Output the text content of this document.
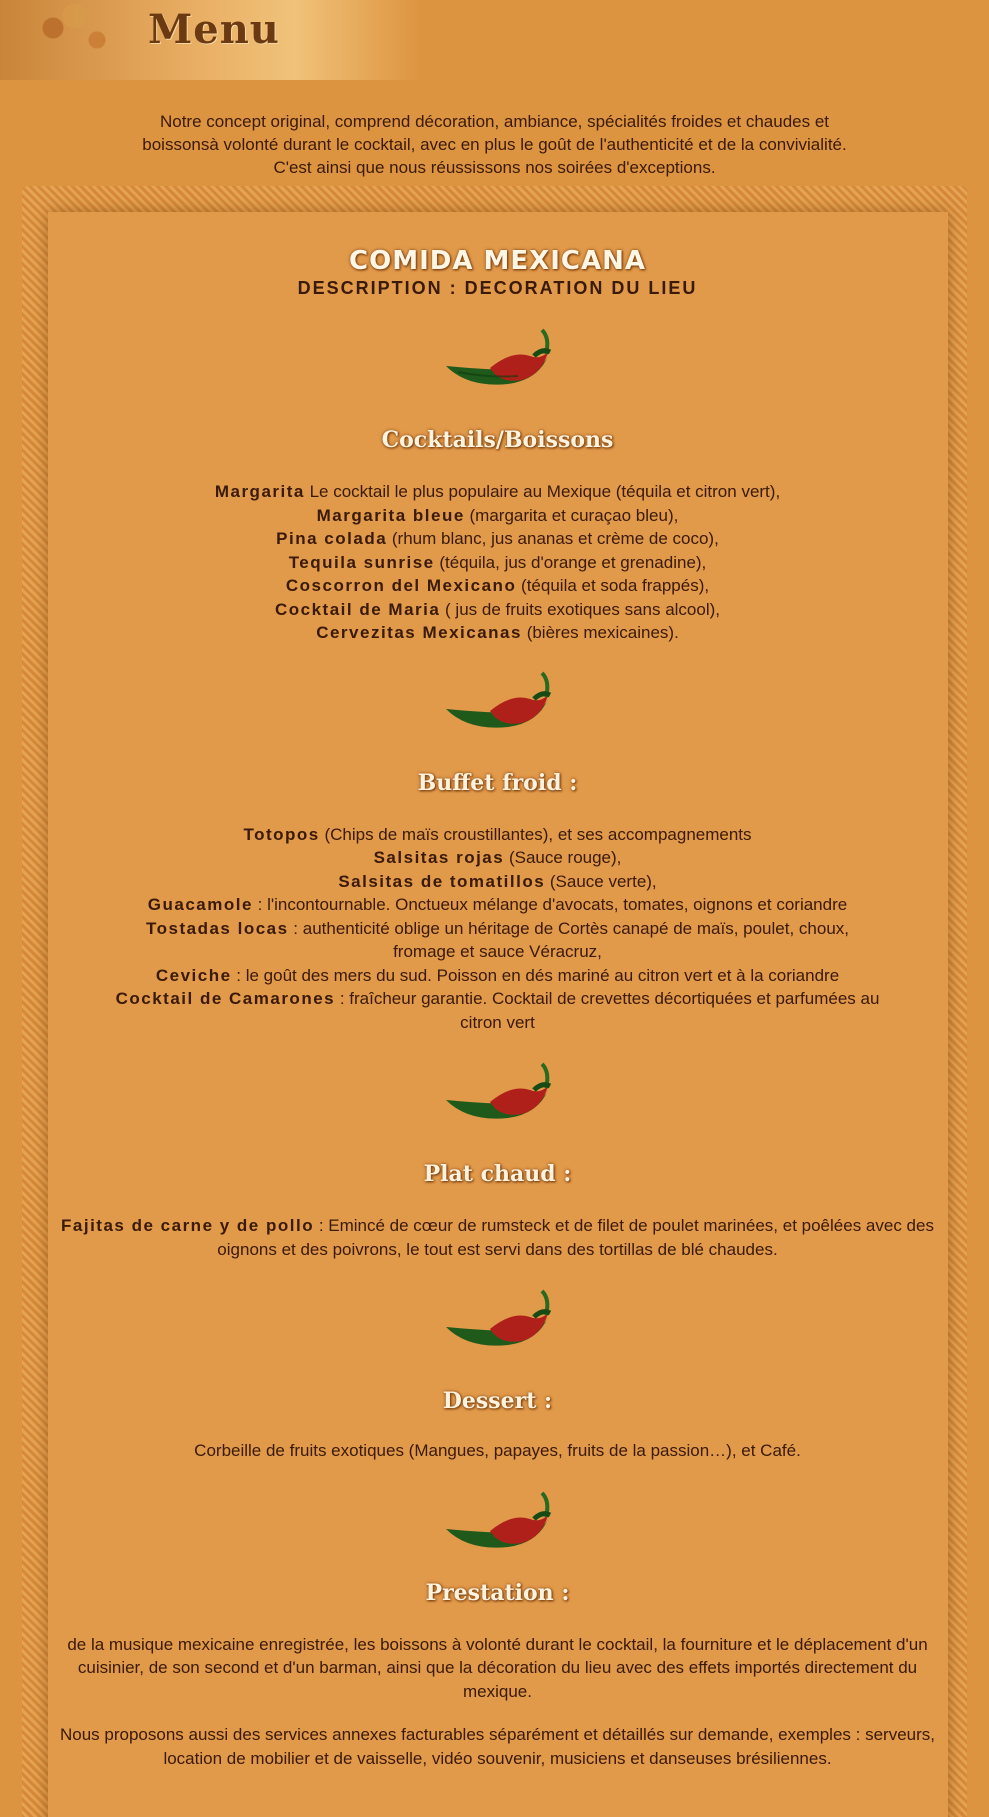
Menu
Notre concept original, comprend décoration, ambiance, spécialités froides et chaudes et
boissonsà volonté durant le cocktail, avec en plus le goût de l'authenticité et de la convivialité.
C'est ainsi que nous réussissons nos soirées d'exceptions.
COMIDA MEXICANA
DESCRIPTION : DECORATION DU LIEU
Cocktails/Boissons

Margarita Le cocktail le plus populaire au Mexique (téquila et citron vert),

Margarita bleue (margarita et curaçao bleu),

Pina colada (rhum blanc, jus ananas et crème de coco),

Tequila sunrise (téquila, jus d'orange et grenadine),

Coscorron del Mexicano (téquila et soda frappés),

Cocktail de Maria ( jus de fruits exotiques sans alcool),

Cervezitas Mexicanas (bières mexicaines).

Buffet froid :

Totopos (Chips de maïs croustillantes), et ses accompagnements

Salsitas rojas (Sauce rouge),

Salsitas de tomatillos (Sauce verte),

Guacamole : l'incontournable. Onctueux mélange d'avocats, tomates, oignons et coriandre

Tostadas locas : authenticité oblige un héritage de Cortès canapé de maïs, poulet, choux, fromage et sauce Véracruz,

Ceviche : le goût des mers du sud. Poisson en dés mariné au citron vert et à la coriandre

Cocktail de Camarones : fraîcheur garantie. Cocktail de crevettes décortiquées et parfumées au citron vert

Plat chaud :

Fajitas de carne y de pollo : Emincé de cœur de rumsteck et de filet de poulet marinées, et poêlées avec des oignons et des poivrons, le tout est servi dans des tortillas de blé chaudes.

Dessert :
Corbeille de fruits exotiques (Mangues, papayes, fruits de la passion…), et Café.
Prestation :

de la musique mexicaine enregistrée, les boissons à volonté durant le cocktail, la fourniture et le déplacement d'un cuisinier, de son second et d'un barman, ainsi que la décoration du lieu avec des effets importés directement du mexique.

Nous proposons aussi des services annexes facturables séparément et détaillés sur demande, exemples : serveurs, location de mobilier et de vaisselle, vidéo souvenir, musiciens et danseuses brésiliennes.
